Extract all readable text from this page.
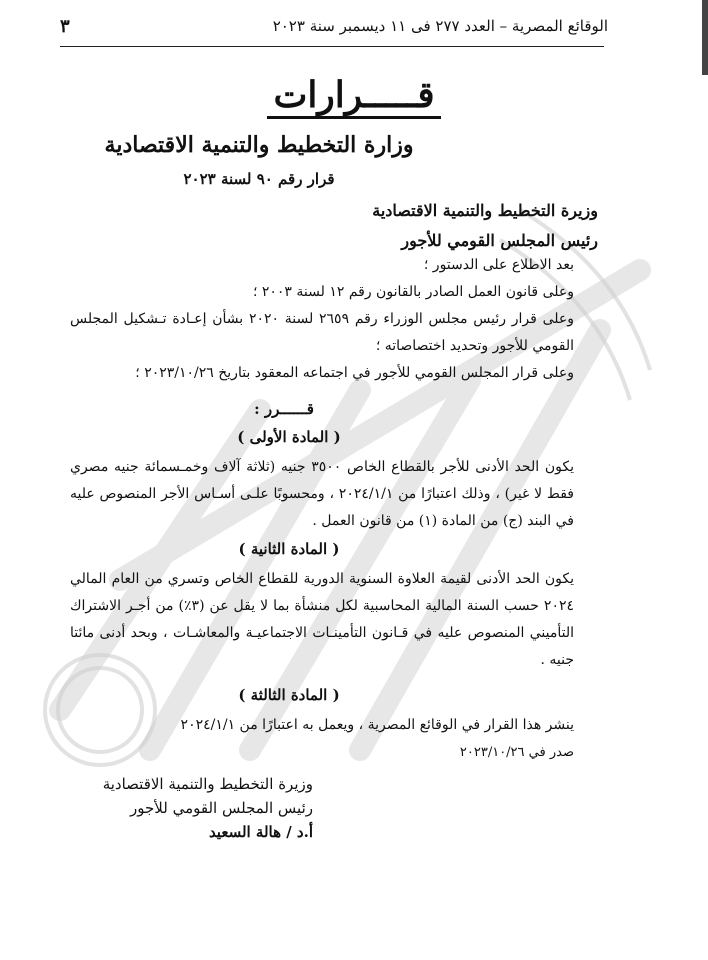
الوقائع المصرية – العدد ٢٧٧ فى ١١ ديسمبر سنة ٢٠٢٣
٣
قـــــرارات
وزارة التخطيط والتنمية الاقتصادية
قرار رقم ٩٠ لسنة ٢٠٢٣
وزيرة التخطيط والتنمية الاقتصادية
رئيس المجلس القومي للأجور

بعد الاطلاع على الدستور ؛

وعلى قانون العمل الصادر بالقانون رقم ١٢ لسنة ٢٠٠٣ ؛

وعلى قرار رئيس مجلس الوزراء رقم ٢٦٥٩ لسنة ٢٠٢٠ بشأن إعـادة تـشكيل المجلس القومي للأجور وتحديد اختصاصاته ؛

وعلى قرار المجلس القومي للأجور في اجتماعه المعقود بتاريخ ٢٠٢٣/١٠/٢٦ ؛

قــــــرر :
( المادة الأولى )

يكون الحد الأدنى للأجر بالقطاع الخاص ٣٥٠٠ جنيه (ثلاثة آلاف وخمـسمائة جنيه مصري فقط لا غير) ، وذلك اعتبارًا من ٢٠٢٤/١/١ ، ومحسوبًا علـى أسـاس الأجر المنصوص عليه في البند (ج) من المادة (١) من قانون العمل .

( المادة الثانية )

يكون الحد الأدنى لقيمة العلاوة السنوية الدورية للقطاع الخاص وتسري من العام المالي ٢٠٢٤ حسب السنة المالية المحاسبية لكل منشأة بما لا يقل عن (٣٪) من أجـر الاشتراك التأميني المنصوص عليه في قـانون التأمينـات الاجتماعيـة والمعاشـات ، وبحد أدنى مائتا جنيه .

( المادة الثالثة )

ينشر هذا القرار في الوقائع المصرية ، ويعمل به اعتبارًا من ٢٠٢٤/١/١

صدر في ٢٠٢٣/١٠/٢٦

وزيرة التخطيط والتنمية الاقتصادية
رئيس المجلس القومي للأجور
أ.د / هالة السعيد
